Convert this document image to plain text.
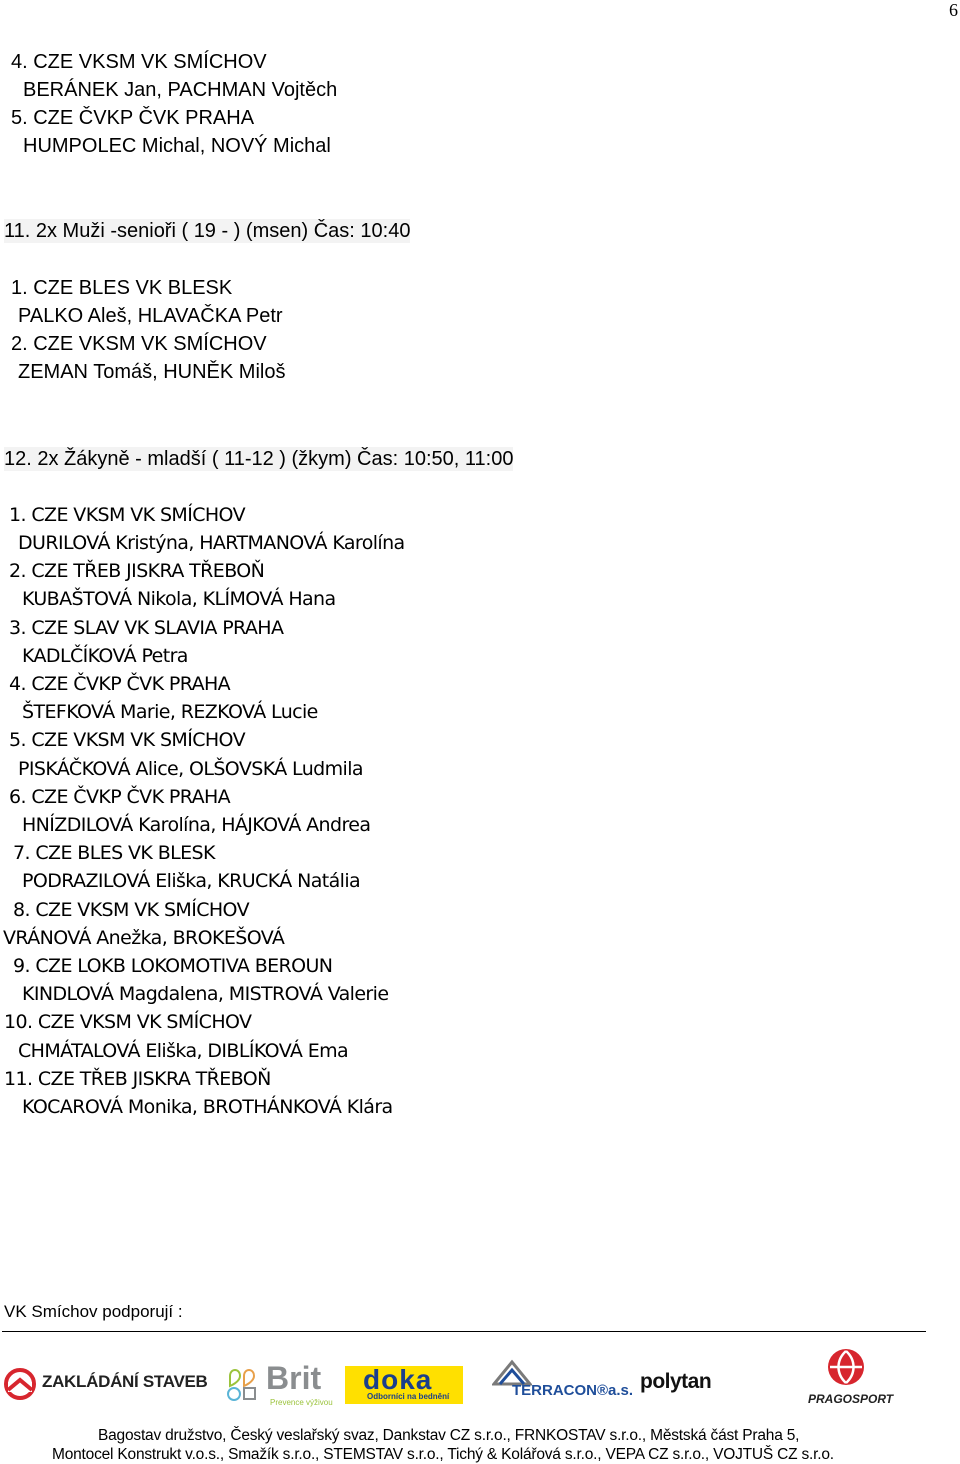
6
4. CZE VKSM VK SMÍCHOV
BERÁNEK Jan, PACHMAN Vojtěch
5. CZE ČVKP ČVK PRAHA
HUMPOLEC Michal, NOVÝ Michal
11. 2x Muži -senioři ( 19 - ) (msen) Čas: 10:40
1. CZE BLES VK BLESK
PALKO Aleš, HLAVAČKA Petr
2. CZE VKSM VK SMÍCHOV
ZEMAN Tomáš, HUNĚK Miloš
12. 2x Žákyně - mladší ( 11-12 ) (žkym) Čas: 10:50, 11:00
1. CZE VKSM VK SMÍCHOV
DURILOVÁ Kristýna, HARTMANOVÁ Karolína
2. CZE TŘEB JISKRA TŘEBOŇ
KUBAŠTOVÁ Nikola, KLÍMOVÁ Hana
3. CZE SLAV VK SLAVIA PRAHA
KADLČÍKOVÁ Petra
4. CZE ČVKP ČVK PRAHA
ŠTEFKOVÁ Marie, REZKOVÁ Lucie
5. CZE VKSM VK SMÍCHOV
PISKÁČKOVÁ Alice, OLŠOVSKÁ Ludmila
6. CZE ČVKP ČVK PRAHA
HNÍZDILOVÁ Karolína, HÁJKOVÁ Andrea
7. CZE BLES VK BLESK
PODRAZILOVÁ Eliška, KRUCKÁ Natália
8. CZE VKSM VK SMÍCHOV
VRÁNOVÁ Anežka, BROKEŠOVÁ
9. CZE LOKB LOKOMOTIVA BEROUN
KINDLOVÁ Magdalena, MISTROVÁ Valerie
10. CZE VKSM VK SMÍCHOV
CHMÁTALOVÁ Eliška, DIBLÍKOVÁ Ema
11. CZE TŘEB JISKRA TŘEBOŇ
KOCAROVÁ Monika, BROTHÁNKOVÁ Klára
VK Smíchov podporují :
ZAKLÁDÁNÍ STAVEB Brit
Prevence výživou
doka
Odborníci na bednění	TERRACON®a.s. polytan
PRAGOSPORT
Bagostav družstvo, Český veslařský svaz, Dankstav CZ s.r.o., FRNKOSTAV s.r.o., Městská část Praha 5,
Montocel Konstrukt v.o.s., Smažík s.r.o., STEMSTAV s.r.o., Tichý & Kolářová s.r.o., VEPA CZ s.r.o., VOJTUŠ CZ s.r.o.
